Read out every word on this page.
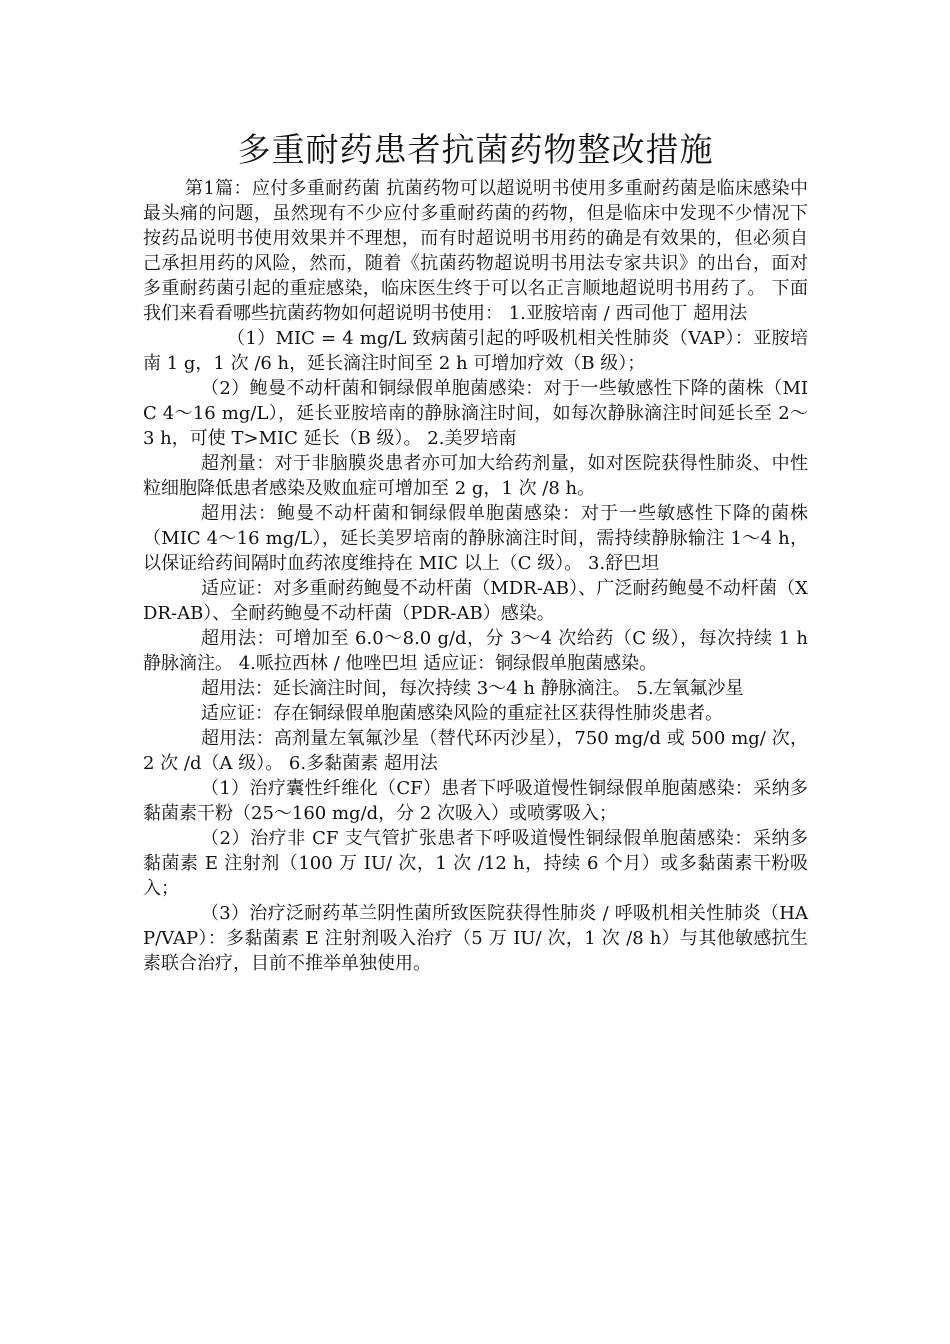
多重耐药患者抗菌药物整改措施

第1篇：应付多重耐药菌 抗菌药物可以超说明书使用多重耐药菌是临床感染中最头痛的问题，虽然现有不少应付多重耐药菌的药物，但是临床中发现不少情况下按药品说明书使用效果并不理想，而有时超说明书用药的确是有效果的，但必须自己承担用药的风险，然而，随着《抗菌药物超说明书用法专家共识》的出台，面对多重耐药菌引起的重症感染，临床医生终于可以名正言顺地超说明书用药了。 下面我们来看看哪些抗菌药物如何超说明书使用： 1.亚胺培南 / 西司他丁 超用法

（1）MIC = 4 mg/L 致病菌引起的呼吸机相关性肺炎（VAP）：亚胺培南 1 g，1 次 /6 h，延长滴注时间至 2 h 可增加疗效（B 级）；

（2）鲍曼不动杆菌和铜绿假单胞菌感染：对于一些敏感性下降的菌株（MIC 4～16 mg/L），延长亚胺培南的静脉滴注时间，如每次静脉滴注时间延长至 2～3 h，可使 T>MIC 延长（B 级）。 2.美罗培南

超剂量：对于非脑膜炎患者亦可加大给药剂量，如对医院获得性肺炎、中性粒细胞降低患者感染及败血症可增加至 2 g，1 次 /8 h。

超用法：鲍曼不动杆菌和铜绿假单胞菌感染：对于一些敏感性下降的菌株（MIC 4～16 mg/L），延长美罗培南的静脉滴注时间，需持续静脉输注 1～4 h，以保证给药间隔时血药浓度维持在 MIC 以上（C 级）。 3.舒巴坦

适应证：对多重耐药鲍曼不动杆菌（MDR-AB）、广泛耐药鲍曼不动杆菌（XDR-AB）、全耐药鲍曼不动杆菌（PDR-AB）感染。

超用法：可增加至 6.0～8.0 g/d，分 3～4 次给药（C 级），每次持续 1 h 静脉滴注。 4.哌拉西林 / 他唑巴坦 适应证：铜绿假单胞菌感染。

超用法：延长滴注时间，每次持续 3～4 h 静脉滴注。 5.左氧氟沙星

适应证：存在铜绿假单胞菌感染风险的重症社区获得性肺炎患者。

超用法：高剂量左氧氟沙星（替代环丙沙星），750 mg/d 或 500 mg/ 次，2 次 /d（A 级）。 6.多黏菌素 超用法

（1）治疗囊性纤维化（CF）患者下呼吸道慢性铜绿假单胞菌感染：采纳多黏菌素干粉（25～160 mg/d，分 2 次吸入）或喷雾吸入；

（2）治疗非 CF 支气管扩张患者下呼吸道慢性铜绿假单胞菌感染：采纳多黏菌素 E 注射剂（100 万 IU/ 次，1 次 /12 h，持续 6 个月）或多黏菌素干粉吸入；

（3）治疗泛耐药革兰阴性菌所致医院获得性肺炎 / 呼吸机相关性肺炎（HAP/VAP）：多黏菌素 E 注射剂吸入治疗（5 万 IU/ 次，1 次 /8 h）与其他敏感抗生素联合治疗，目前不推举单独使用。
